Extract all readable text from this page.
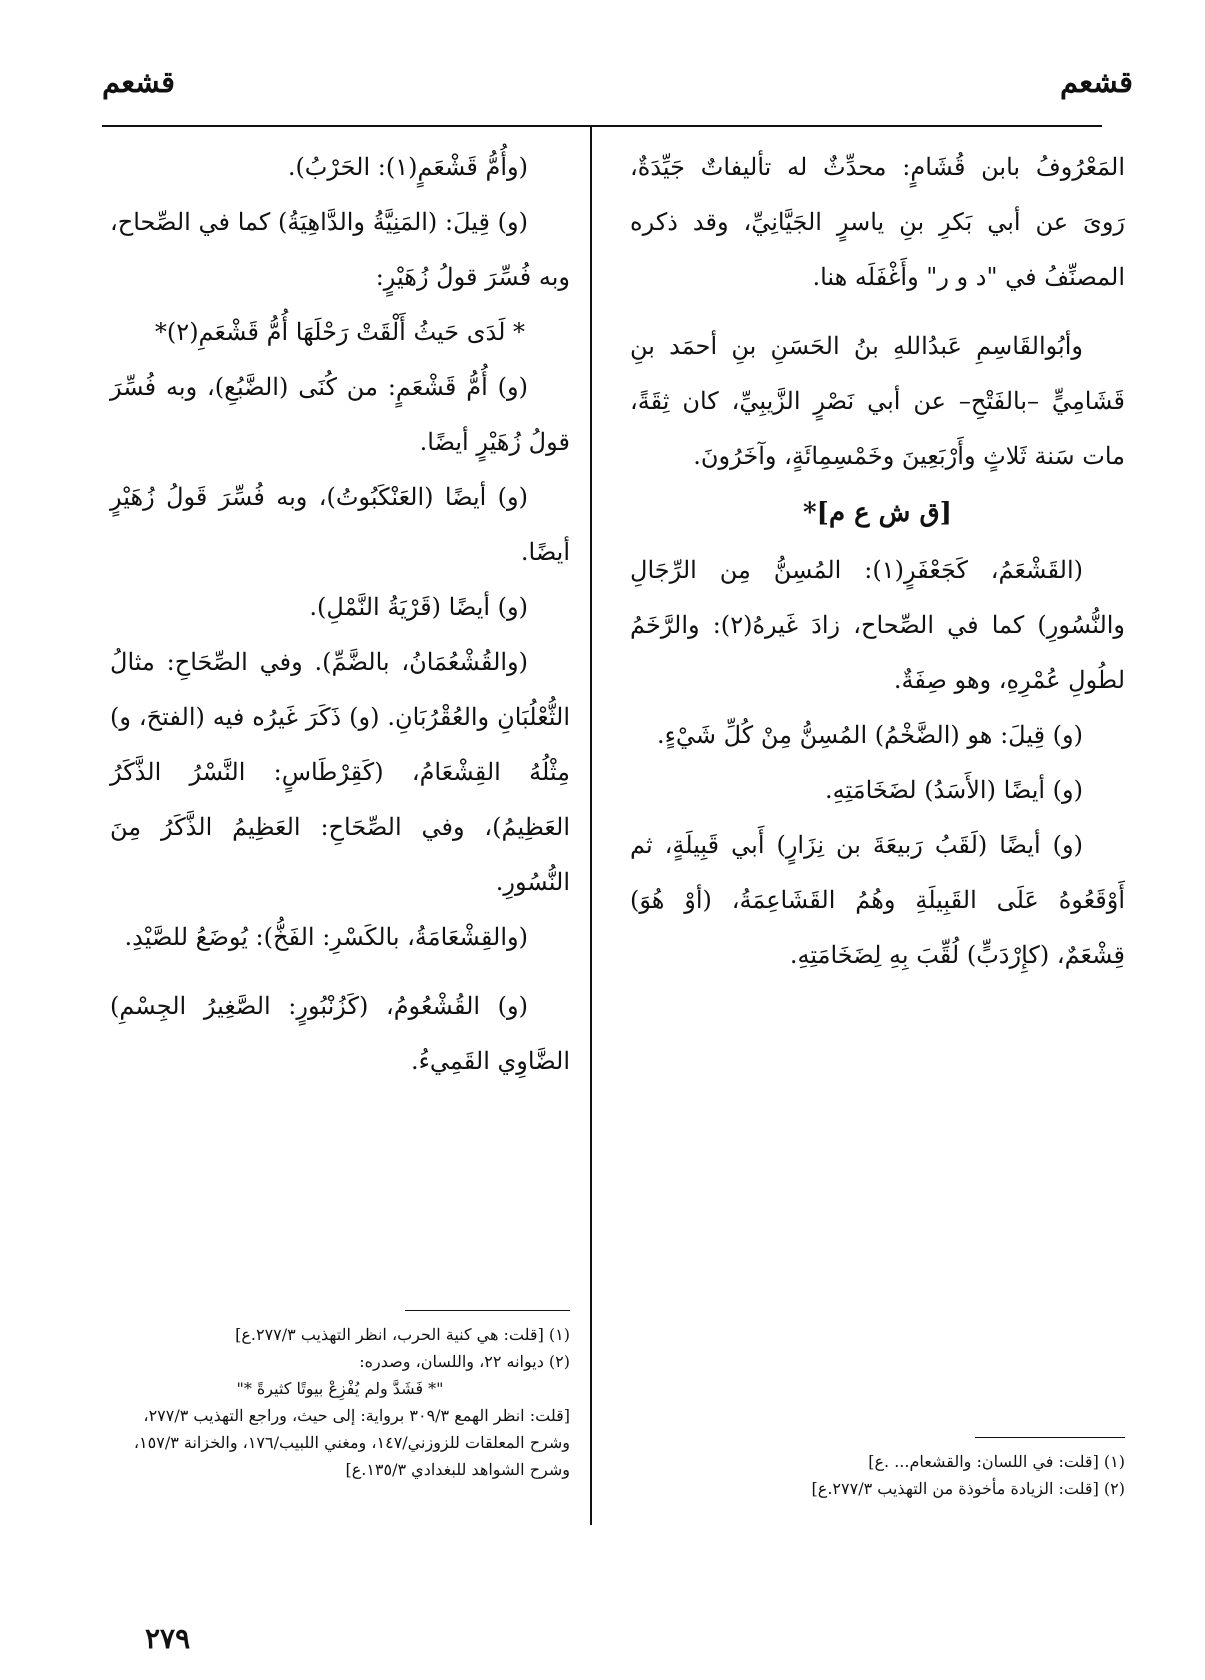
قشعم
قشعم

المَعْرُوفُ بابن قُشَامٍ: محدِّثٌ له تأليفاتٌ جَيِّدَةٌ، رَوىَ عن أبي بَكرِ بنِ ياسرٍ الجَيَّانِيِّ، وقد ذكره المصنِّفُ في "د و ر" وأَغْفَلَه هنا.

وأبُوالقَاسِمِ عَبدُاللهِ بنُ الحَسَنِ بنِ أحمَد بنِ قَشَامِيٍّ –بالفَتْحِ– عن أبي نَصْرٍ الزَّيبِيِّ، كان ثِقَةً، مات سَنة ثَلاثٍ وأَرْبَعِينَ وخَمْسِمِائَةٍ، وآخَرُونَ.

[ق ش ع م]*

(القَشْعَمُ، كَجَعْفَرٍ(١): المُسِنُّ مِن الرِّجَالِ والنُّسُورِ) كما في الصِّحاح، زادَ غَيرهُ(٢): والرَّخَمُ لطُولِ عُمْرِهِ، وهو صِفَةٌ.

(و) قِيلَ: هو (الضَّخْمُ) المُسِنُّ مِنْ كُلِّ شَيْءٍ.

(و) أيضًا (الأَسَدُ) لضَخَامَتِهِ.

(و) أيضًا (لَقَبُ رَبيعَةَ بن نِزَارٍ) أَبي قَبِيلَةٍ، ثم أَوْقَعُوهُ عَلَى القَبِيلَةِ وهُمُ القَشَاعِمَةُ، (أوْ هُوَ) قِشْعَمٌ، (كإِرْدَبٍّ) لُقِّبَ بِهِ لِضَخَامَتِهِ.

(وأُمُّ قَشْعَمٍ(١): الحَرْبُ).

(و) قِيلَ: (المَنِيَّةُ والدَّاهِيَةُ) كما في الصِّحاح، وبه فُسِّرَ قولُ زُهَيْرٍ:

* لَدَى حَيثُ أَلْقَتْ رَحْلَهَا أُمُّ قَشْعَمِ(٢)*

(و) أُمُّ قَشْعَمٍ: من كُنَى (الضَّبُعِ)، وبه فُسِّرَ قولُ زُهَيْرٍ أيضًا.

(و) أيضًا (العَنْكَبُوتُ)، وبه فُسِّرَ قَولُ زُهَيْرٍ أيضًا.

(و) أيضًا (قَرْيَةُ النَّمْلِ).

(والقُشْعُمَانُ، بالضَّمِّ). وفي الصِّحَاحِ: مثالُ الثُّعْلُبَانِ والعُقْرُبَانِ. (و) ذَكَرَ غَيرُه فيه (الفتحَ، و) مِثْلُهُ القِشْعَامُ، (كَقِرْطَاسٍ: النَّسْرُ الذَّكَرُ العَظِيمُ)، وفي الصِّحَاحِ: العَظِيمُ الذَّكَرُ مِنَ النُّسُورِ.

(والقِشْعَامَةُ، بالكَسْرِ: الفَخُّ): يُوضَعُ للصَّيْدِ.

(و) القُشْعُومُ، (كَزُنْبُورٍ: الصَّغِيرُ الجِسْمِ) الضَّاوِي القَمِيءُ.

(١) [قلت: في اللسان: والقشعام... .ع]

(٢) [قلت: الزيادة مأخوذة من التهذيب ٢٧٧/٣.ع]

(١) [قلت: هي كنية الحرب، انظر التهذيب ٢٧٧/٣.ع]

(٢) ديوانه ٢٢، واللسان، وصدره:

"* فَشَدَّ ولم يُفْزِعْ بيوتًا كثيرةً *"

[قلت: انظر الهمع ٣٠٩/٣ برواية: إلى حيث، وراجع التهذيب ٢٧٧/٣، وشرح المعلقات للزوزني/١٤٧، ومغني اللبيب/١٧٦، والخزانة ١٥٧/٣، وشرح الشواهد للبغدادي ١٣٥/٣.ع]

٢٧٩
